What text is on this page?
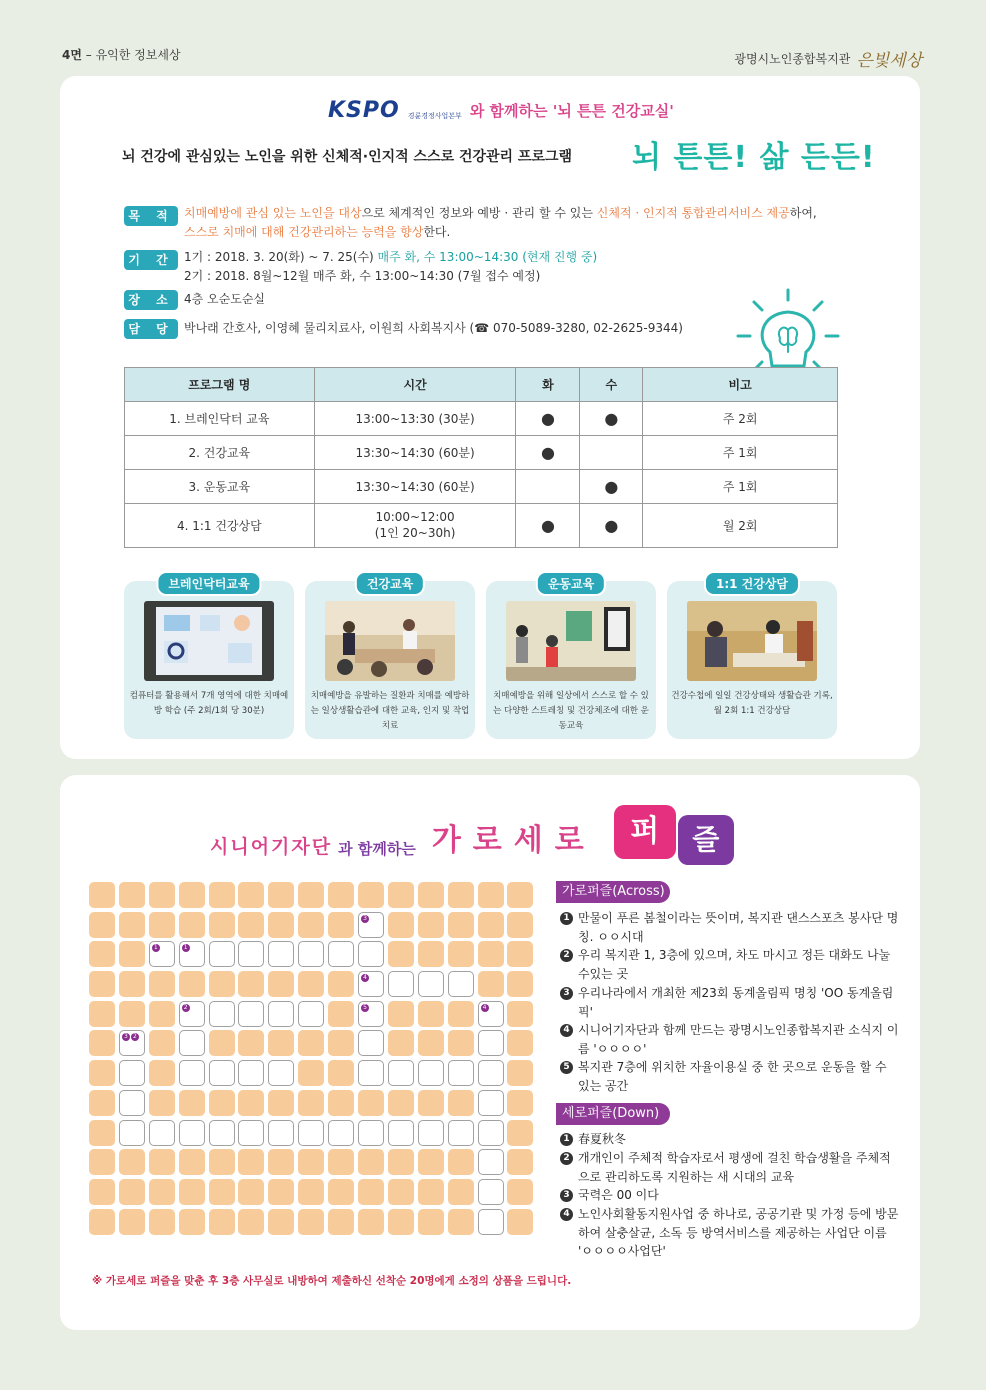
4면 – 유익한 정보세상	광명시노인종합복지관 은빛세상
KSPO 경륜경정사업본부 와 함께하는 '뇌 튼튼 건강교실'
뇌 건강에 관심있는 노인을 위한 신체적·인지적 스스로 건강관리 프로그램 뇌 튼튼! 삶 든든!
목 적 치매예방에 관심 있는 노인을 대상으로 체계적인 정보와 예방 · 관리 할 수 있는 신체적 · 인지적 통합관리서비스 제공하여,
스스로 치매에 대해 건강관리하는 능력을 향상한다.
기 간 1기 : 2018. 3. 20(화) ~ 7. 25(수) 매주 화, 수 13:00~14:30 (현재 진행 중)
2기 : 2018. 8월~12월 매주 화, 수 13:00~14:30 (7월 접수 예정)
장 소 4층 오순도순실
담 당 박나래 간호사, 이영혜 물리치료사, 이원희 사회복지사 (☎ 070-5089-3280, 02-2625-9344)
프로그램 명	시간	화	수	비고
1. 브레인닥터 교육	13:00~13:30 (30분)	●	●	주 2회
2. 건강교육	13:30~14:30 (60분)	●		주 1회
3. 운동교육	13:30~14:30 (60분)		●	주 1회
4. 1:1 건강상담	10:00~12:00
(1인 20~30h)	●	●	월 2회
브레인닥터교육
컴퓨터를 활용해서 7개 영역에 대한 치매예방 학습 (주 2회/1회 당 30분)
건강교육
치매예방을 유발하는 질환과 치매를 예방하는 일상생활습관에 대한 교육, 인지 및 작업치료
운동교육
치매예방을 위해 일상에서 스스로 할 수 있는 다양한 스트레칭 및 건강체조에 대한 운동교육
1:1 건강상담
건강수첩에 일일 건강상태와 생활습관 기록, 월 2회 1:1 건강상담
시니어기자단 과 함께하는 가로세로	퍼	즐
3
1	1
4
2	5	4
3 2
가로퍼즐(Across)
1 만물이 푸른 봄철이라는 뜻이며, 복지관 댄스스포츠 봉사단 명칭. ㅇㅇ시대
2 우리 복지관 1, 3층에 있으며, 차도 마시고 정든 대화도 나눌 수있는 곳
3 우리나라에서 개최한 제23회 동계올림픽 명칭 'OO 동계올림픽'
4 시니어기자단과 함께 만드는 광명시노인종합복지관 소식지 이름 'ㅇㅇㅇㅇ'
5 복지관 7층에 위치한 자율이용실 중 한 곳으로 운동을 할 수 있는 공간
세로퍼즐(Down)
1 春夏秋冬
2 개개인이 주체적 학습자로서 평생에 걸친 학습생활을 주체적으로 관리하도록 지원하는 새 시대의 교육
3 국력은 00 이다
4 노인사회활동지원사업 중 하나로, 공공기관 및 가정 등에 방문하여 살충살균, 소독 등 방역서비스를 제공하는 사업단 이름 'ㅇㅇㅇㅇ사업단'
※ 가로세로 퍼즐을 맞춘 후 3층 사무실로 내방하여 제출하신 선착순 20명에게 소정의 상품을 드립니다.
